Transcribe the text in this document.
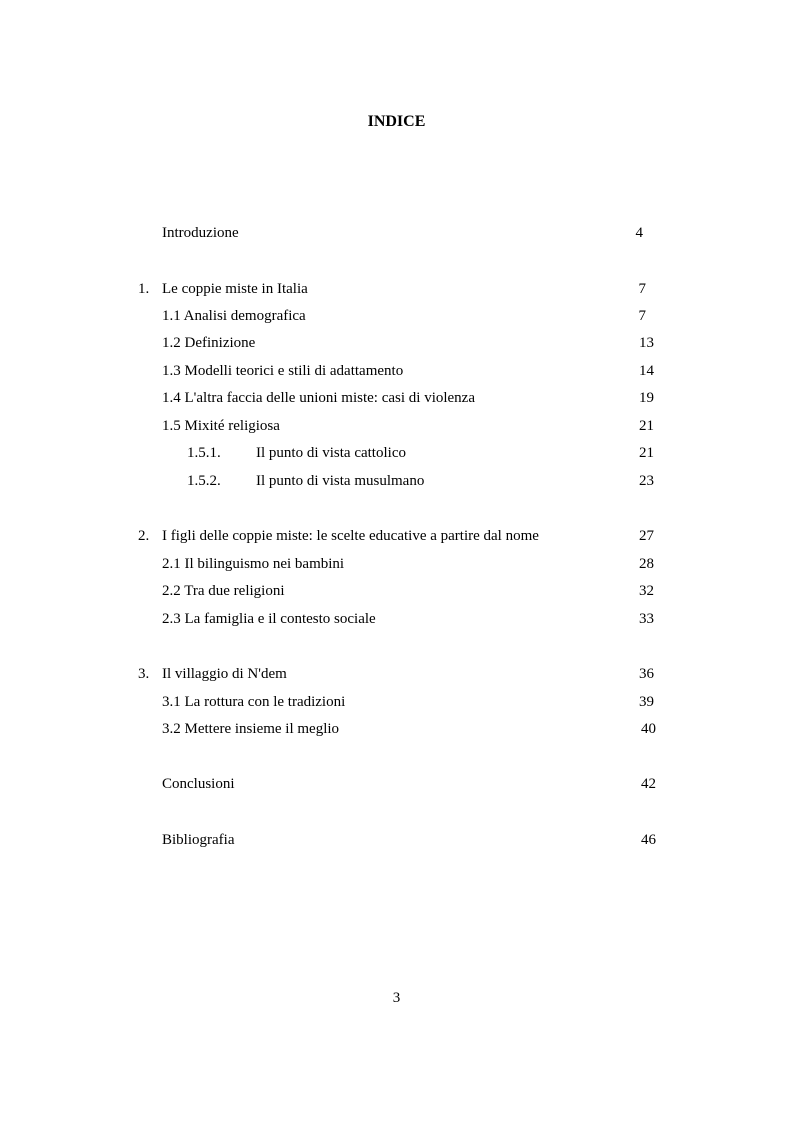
INDICE
Introduzione	4
1. Le coppie miste in Italia	7
1.1 Analisi demografica	7
1.2 Definizione	13
1.3 Modelli teorici e stili di adattamento	14
1.4 L'altra faccia delle unioni miste: casi di violenza	19
1.5 Mixité religiosa	21
1.5.1. Il punto di vista cattolico	21
1.5.2. Il punto di vista musulmano	23
2. I figli delle coppie miste: le scelte educative a partire dal nome	27
2.1 Il bilinguismo nei bambini	28
2.2 Tra due religioni	32
2.3 La famiglia e il contesto sociale	33
3. Il villaggio di N'dem	36
3.1 La rottura con le tradizioni	39
3.2 Mettere insieme il meglio	40
Conclusioni	42
Bibliografia	46
3
